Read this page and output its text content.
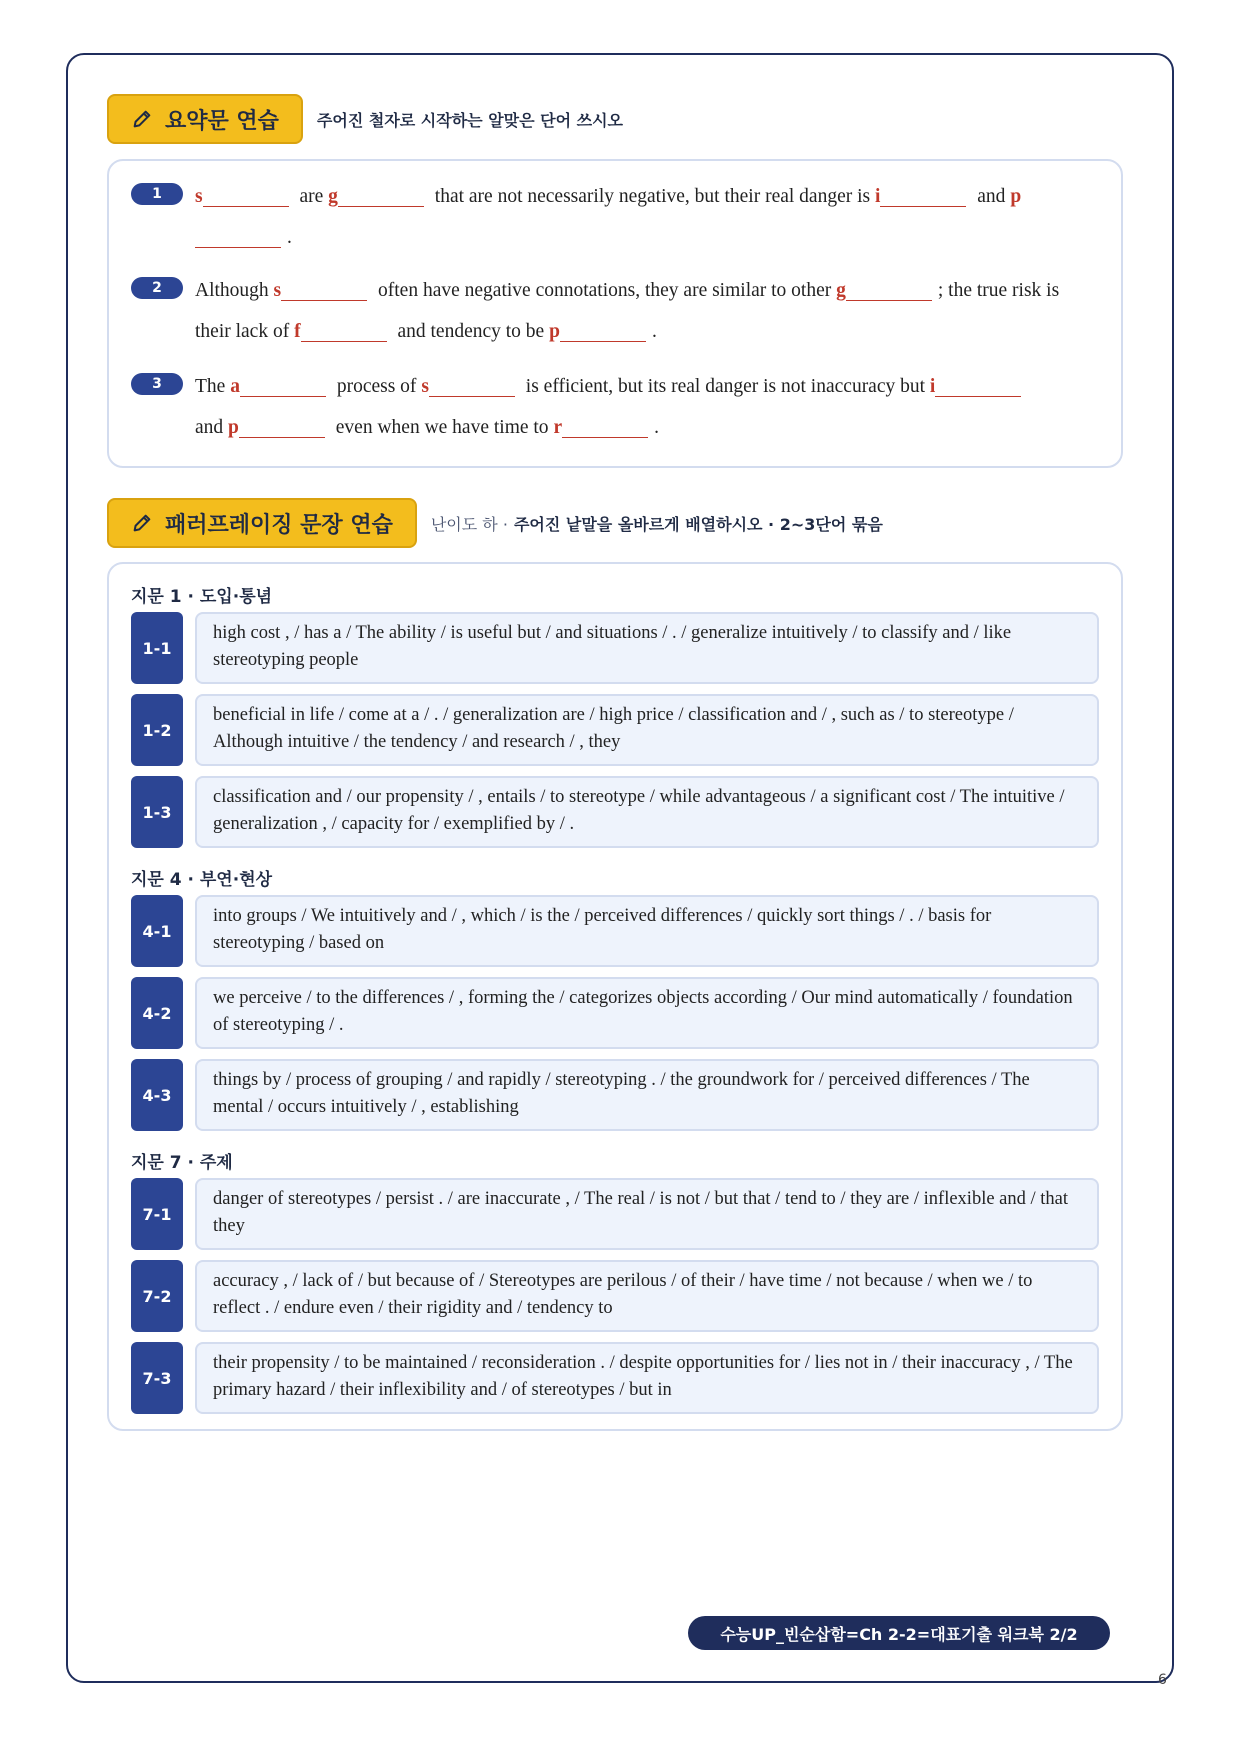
요약문 연습 주어진 철자로 시작하는 알맞은 단어 쓰시오
1	s	are g	that are not necessarily negative, but their real danger is i	and p
.
2	Although s	often have negative connotations, they are similar to other g	; the true risk is their lack of f	and tendency to be p	.
3	The a	process of s	is efficient, but its real danger is not inaccuracy but i
and p	even when we have time to r	.
패러프레이징 문장 연습 난이도 하 · 주어진 낱말을 올바르게 배열하시오 · 2~3단어 묶음
지문 1 · 도입·통념
1-1
high cost , / has a / The ability / is useful but / and situations / . / generalize intuitively / to classify and / like stereotyping people
1-2
beneficial in life / come at a / . / generalization are / high price / classification and / , such as / to stereotype / Although intuitive / the tendency / and research / , they
1-3
classification and / our propensity / , entails / to stereotype / while advantageous / a significant cost / The intuitive / generalization , / capacity for / exemplified by / .
지문 4 · 부연·현상
4-1
into groups / We intuitively and / , which / is the / perceived differences / quickly sort things / . / basis for stereotyping / based on
4-2
we perceive / to the differences / , forming the / categorizes objects according / Our mind automatically / foundation of stereotyping / .
4-3
things by / process of grouping / and rapidly / stereotyping . / the groundwork for / perceived differences / The mental / occurs intuitively / , establishing
지문 7 · 주제
7-1
danger of stereotypes / persist . / are inaccurate , / The real / is not / but that / tend to / they are / inflexible and / that they
7-2
accuracy , / lack of / but because of / Stereotypes are perilous / of their / have time / not because / when we / to reflect . / endure even / their rigidity and / tendency to
7-3
their propensity / to be maintained / reconsideration . / despite opportunities for / lies not in / their inaccuracy , / The primary hazard / their inflexibility and / of stereotypes / but in
수능UP_빈순삽함=Ch 2-2=대표기출 워크북 2/2
6
